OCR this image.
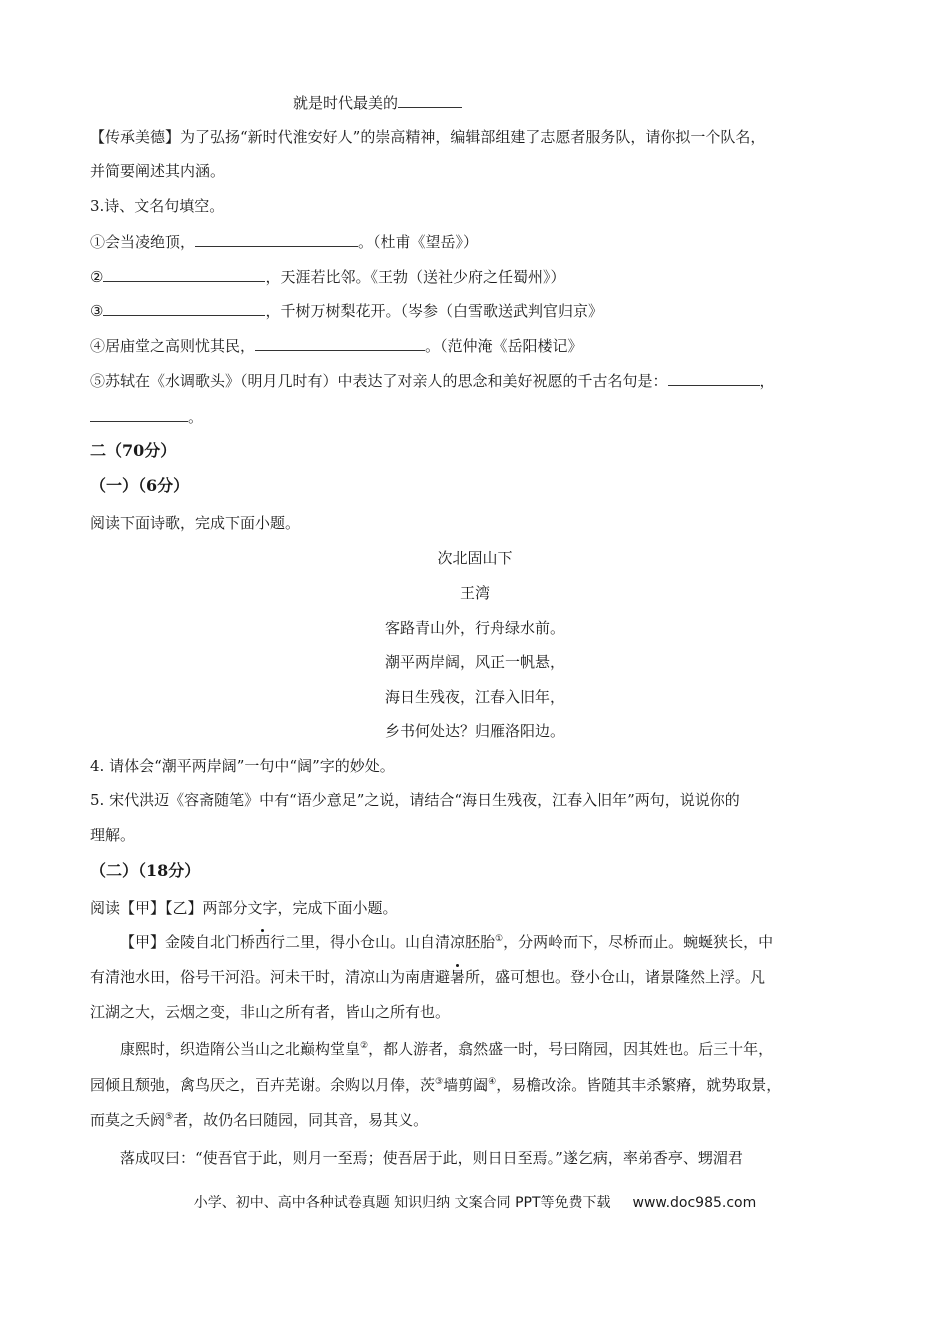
就是时代最美的
【传承美德】为了弘扬“新时代淮安好人”的崇高精神，编辑部组建了志愿者服务队，请你拟一个队名，
并简要阐述其内涵。
3.诗、文名句填空。
①会当凌绝顶，	。（杜甫《望岳》）
②	，天涯若比邻。《王勃（送社少府之任蜀州》）
③	，千树万树梨花开。（岑参（白雪歌送武判官归京》
④居庙堂之高则忧其民，	。（范仲淹《岳阳楼记》
⑤苏轼在《水调歌头》（明月几时有）中表达了对亲人的思念和美好祝愿的千古名句是：	，
。
二（70分）
（一）（6分）
阅读下面诗歌，完成下面小题。
次北固山下
王湾
客路青山外，行舟绿水前。
潮平两岸阔，风正一帆悬，
海日生残夜，江春入旧年，
乡书何处达？归雁洛阳边。
4. 请体会“潮平两岸阔”一句中“阔”字的妙处。
5. 宋代洪迈《容斋随笔》中有“语少意足”之说，请结合“海日生残夜，江春入旧年”两句，说说你的
理解。
（二）（18分）
阅读【甲】【乙】两部分文字，完成下面小题。
【甲】金陵自北门桥西行二里，得小仓山。山自清凉胚胎①，分两岭而下，尽桥而止。蜿蜒狭长，中
有清池水田，俗号干河沿。河未干时，清凉山为南唐避暑所，盛可想也。登小仓山，诸景隆然上浮。凡
江湖之大，云烟之变，非山之所有者，皆山之所有也。
康熙时，织造隋公当山之北巅构堂皇②，都人游者，翕然盛一时，号曰隋园，因其姓也。后三十年，
园倾且颓弛，禽鸟厌之，百卉芜谢。余购以月俸，茨③墙剪阖④，易檐改涂。皆随其丰杀繁瘠，就势取景，
而莫之夭阏⑤者，故仍名曰随园，同其音，易其义。
落成叹曰：“使吾官于此，则月一至焉；使吾居于此，则日日至焉。”遂乞病，率弟香亭、甥湄君
小学、初中、高中各种试卷真题 知识归纳 文案合同 PPT等免费下载 www.doc985.com
